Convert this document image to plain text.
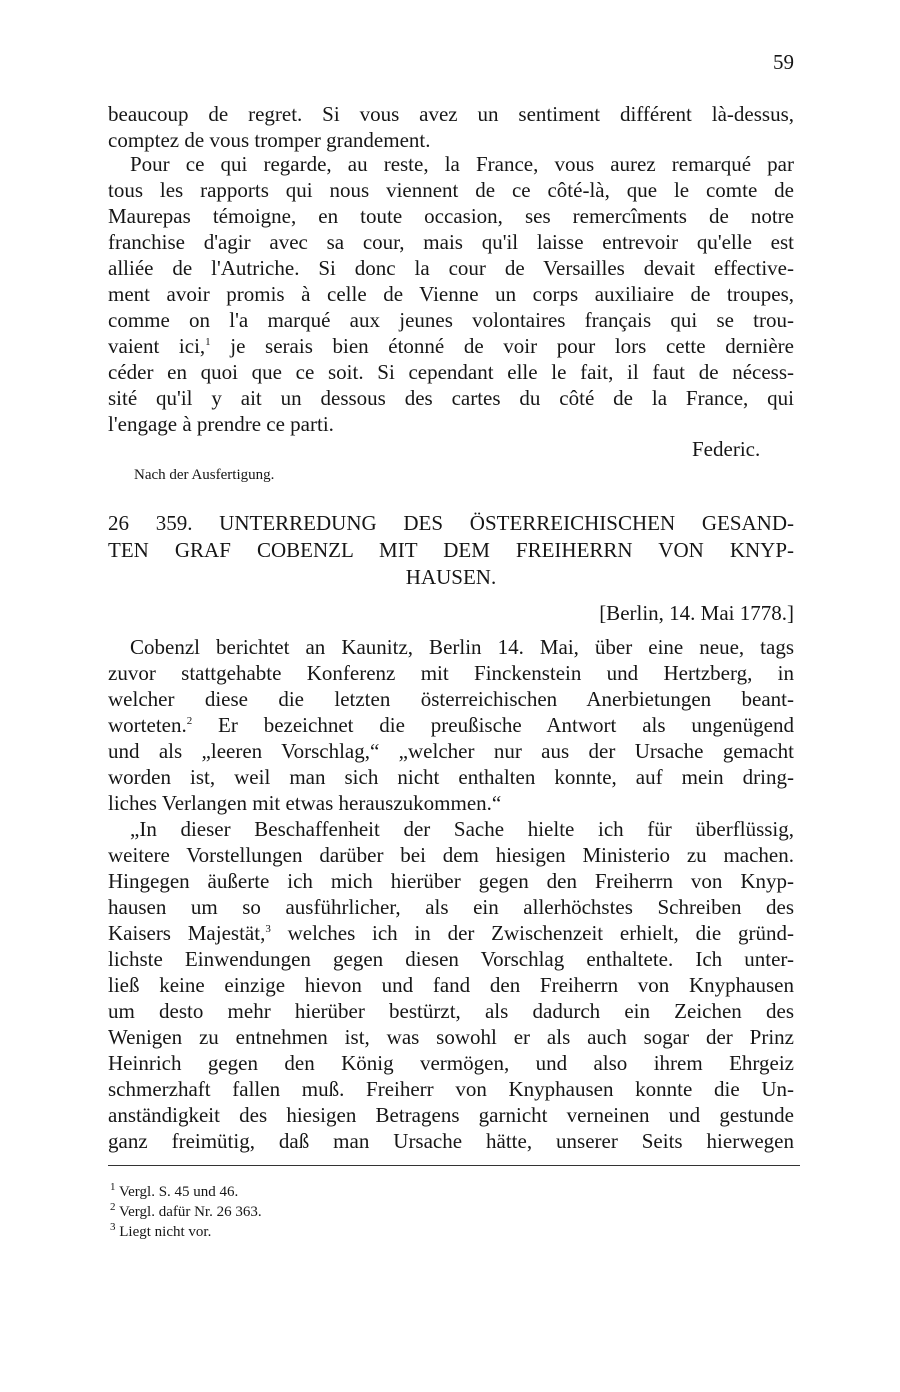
59
beaucoup de regret. Si vous avez un sentiment différent là-dessus,
comptez de vous tromper grandement.
Pour ce qui regarde, au reste, la France, vous aurez remarqué par
tous les rapports qui nous viennent de ce côté-là, que le comte de
Maurepas témoigne, en toute occasion, ses remercîments de notre
franchise d'agir avec sa cour, mais qu'il laisse entrevoir qu'elle est
alliée de l'Autriche. Si donc la cour de Versailles devait effective-
ment avoir promis à celle de Vienne un corps auxiliaire de troupes,
comme on l'a marqué aux jeunes volontaires français qui se trou-
vaient ici,$^1$ je serais bien étonné de voir pour lors cette dernière
céder en quoi que ce soit. Si cependant elle le fait, il faut de nécess-
sité qu'il y ait un dessous des cartes du côté de la France, qui
l'engage à prendre ce parti.
Federic.
Nach der Ausfertigung.
26 359. UNTERREDUNG DES ÖSTERREICHISCHEN GESAND-
TEN GRAF COBENZL MIT DEM FREIHERRN VON KNYP-
HAUSEN.
[Berlin, 14. Mai 1778.]
Cobenzl berichtet an Kaunitz, Berlin 14. Mai, über eine neue, tags
zuvor stattgehabte Konferenz mit Finckenstein und Hertzberg, in
welcher diese die letzten österreichischen Anerbietungen beant-
worteten.$^2$ Er bezeichnet die preußische Antwort als ungenügend
und als „leeren Vorschlag,“ „welcher nur aus der Ursache gemacht
worden ist, weil man sich nicht enthalten konnte, auf mein dring-
liches Verlangen mit etwas herauszukommen.“
„In dieser Beschaffenheit der Sache hielte ich für überflüssig,
weitere Vorstellungen darüber bei dem hiesigen Ministerio zu machen.
Hingegen äußerte ich mich hierüber gegen den Freiherrn von Knyp-
hausen um so ausführlicher, als ein allerhöchstes Schreiben des
Kaisers Majestät,$^3$ welches ich in der Zwischenzeit erhielt, die gründ-
lichste Einwendungen gegen diesen Vorschlag enthaltete. Ich unter-
ließ keine einzige hievon und fand den Freiherrn von Knyphausen
um desto mehr hierüber bestürzt, als dadurch ein Zeichen des
Wenigen zu entnehmen ist, was sowohl er als auch sogar der Prinz
Heinrich gegen den König vermögen, und also ihrem Ehrgeiz
schmerzhaft fallen muß. Freiherr von Knyphausen konnte die Un-
anständigkeit des hiesigen Betragens garnicht verneinen und gestunde
ganz freimütig, daß man Ursache hätte, unserer Seits hierwegen
$^1$ Vergl. S. 45 und 46.
$^2$ Vergl. dafür Nr. 26 363.
$^3$ Liegt nicht vor.
